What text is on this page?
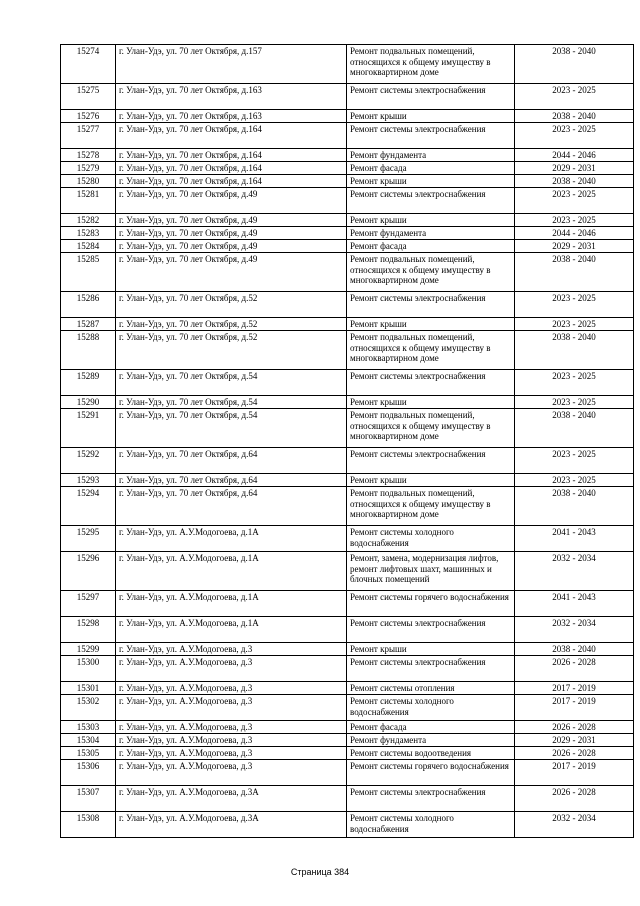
15274	г. Улан-Удэ, ул. 70 лет Октября, д.157	Ремонт подвальных помещений, относящихся к общему имуществу в многоквартирном доме	2038 - 2040
15275	г. Улан-Удэ, ул. 70 лет Октября, д.163	Ремонт системы электроснабжения	2023 - 2025
15276	г. Улан-Удэ, ул. 70 лет Октября, д.163	Ремонт крыши	2038 - 2040
15277	г. Улан-Удэ, ул. 70 лет Октября, д.164	Ремонт системы электроснабжения	2023 - 2025
15278	г. Улан-Удэ, ул. 70 лет Октября, д.164	Ремонт фундамента	2044 - 2046
15279	г. Улан-Удэ, ул. 70 лет Октября, д.164	Ремонт фасада	2029 - 2031
15280	г. Улан-Удэ, ул. 70 лет Октября, д.164	Ремонт крыши	2038 - 2040
15281	г. Улан-Удэ, ул. 70 лет Октября, д.49	Ремонт системы электроснабжения	2023 - 2025
15282	г. Улан-Удэ, ул. 70 лет Октября, д.49	Ремонт крыши	2023 - 2025
15283	г. Улан-Удэ, ул. 70 лет Октября, д.49	Ремонт фундамента	2044 - 2046
15284	г. Улан-Удэ, ул. 70 лет Октября, д.49	Ремонт фасада	2029 - 2031
15285	г. Улан-Удэ, ул. 70 лет Октября, д.49	Ремонт подвальных помещений, относящихся к общему имуществу в многоквартирном доме	2038 - 2040
15286	г. Улан-Удэ, ул. 70 лет Октября, д.52	Ремонт системы электроснабжения	2023 - 2025
15287	г. Улан-Удэ, ул. 70 лет Октября, д.52	Ремонт крыши	2023 - 2025
15288	г. Улан-Удэ, ул. 70 лет Октября, д.52	Ремонт подвальных помещений, относящихся к общему имуществу в многоквартирном доме	2038 - 2040
15289	г. Улан-Удэ, ул. 70 лет Октября, д.54	Ремонт системы электроснабжения	2023 - 2025
15290	г. Улан-Удэ, ул. 70 лет Октября, д.54	Ремонт крыши	2023 - 2025
15291	г. Улан-Удэ, ул. 70 лет Октября, д.54	Ремонт подвальных помещений, относящихся к общему имуществу в многоквартирном доме	2038 - 2040
15292	г. Улан-Удэ, ул. 70 лет Октября, д.64	Ремонт системы электроснабжения	2023 - 2025
15293	г. Улан-Удэ, ул. 70 лет Октября, д.64	Ремонт крыши	2023 - 2025
15294	г. Улан-Удэ, ул. 70 лет Октября, д.64	Ремонт подвальных помещений, относящихся к общему имуществу в многоквартирном доме	2038 - 2040
15295	г. Улан-Удэ, ул. А.У.Модогоева, д.1А	Ремонт системы холодного водоснабжения	2041 - 2043
15296	г. Улан-Удэ, ул. А.У.Модогоева, д.1А	Ремонт, замена, модернизация лифтов, ремонт лифтовых шахт, машинных и блочных помещений	2032 - 2034
15297	г. Улан-Удэ, ул. А.У.Модогоева, д.1А	Ремонт системы горячего водоснабжения	2041 - 2043
15298	г. Улан-Удэ, ул. А.У.Модогоева, д.1А	Ремонт системы электроснабжения	2032 - 2034
15299	г. Улан-Удэ, ул. А.У.Модогоева, д.3	Ремонт крыши	2038 - 2040
15300	г. Улан-Удэ, ул. А.У.Модогоева, д.3	Ремонт системы электроснабжения	2026 - 2028
15301	г. Улан-Удэ, ул. А.У.Модогоева, д.3	Ремонт системы отопления	2017 - 2019
15302	г. Улан-Удэ, ул. А.У.Модогоева, д.3	Ремонт системы холодного водоснабжения	2017 - 2019
15303	г. Улан-Удэ, ул. А.У.Модогоева, д.3	Ремонт фасада	2026 - 2028
15304	г. Улан-Удэ, ул. А.У.Модогоева, д.3	Ремонт фундамента	2029 - 2031
15305	г. Улан-Удэ, ул. А.У.Модогоева, д.3	Ремонт системы водоотведения	2026 - 2028
15306	г. Улан-Удэ, ул. А.У.Модогоева, д.3	Ремонт системы горячего водоснабжения	2017 - 2019
15307	г. Улан-Удэ, ул. А.У.Модогоева, д.3А	Ремонт системы электроснабжения	2026 - 2028
15308	г. Улан-Удэ, ул. А.У.Модогоева, д.3А	Ремонт системы холодного водоснабжения	2032 - 2034
Страница 384
